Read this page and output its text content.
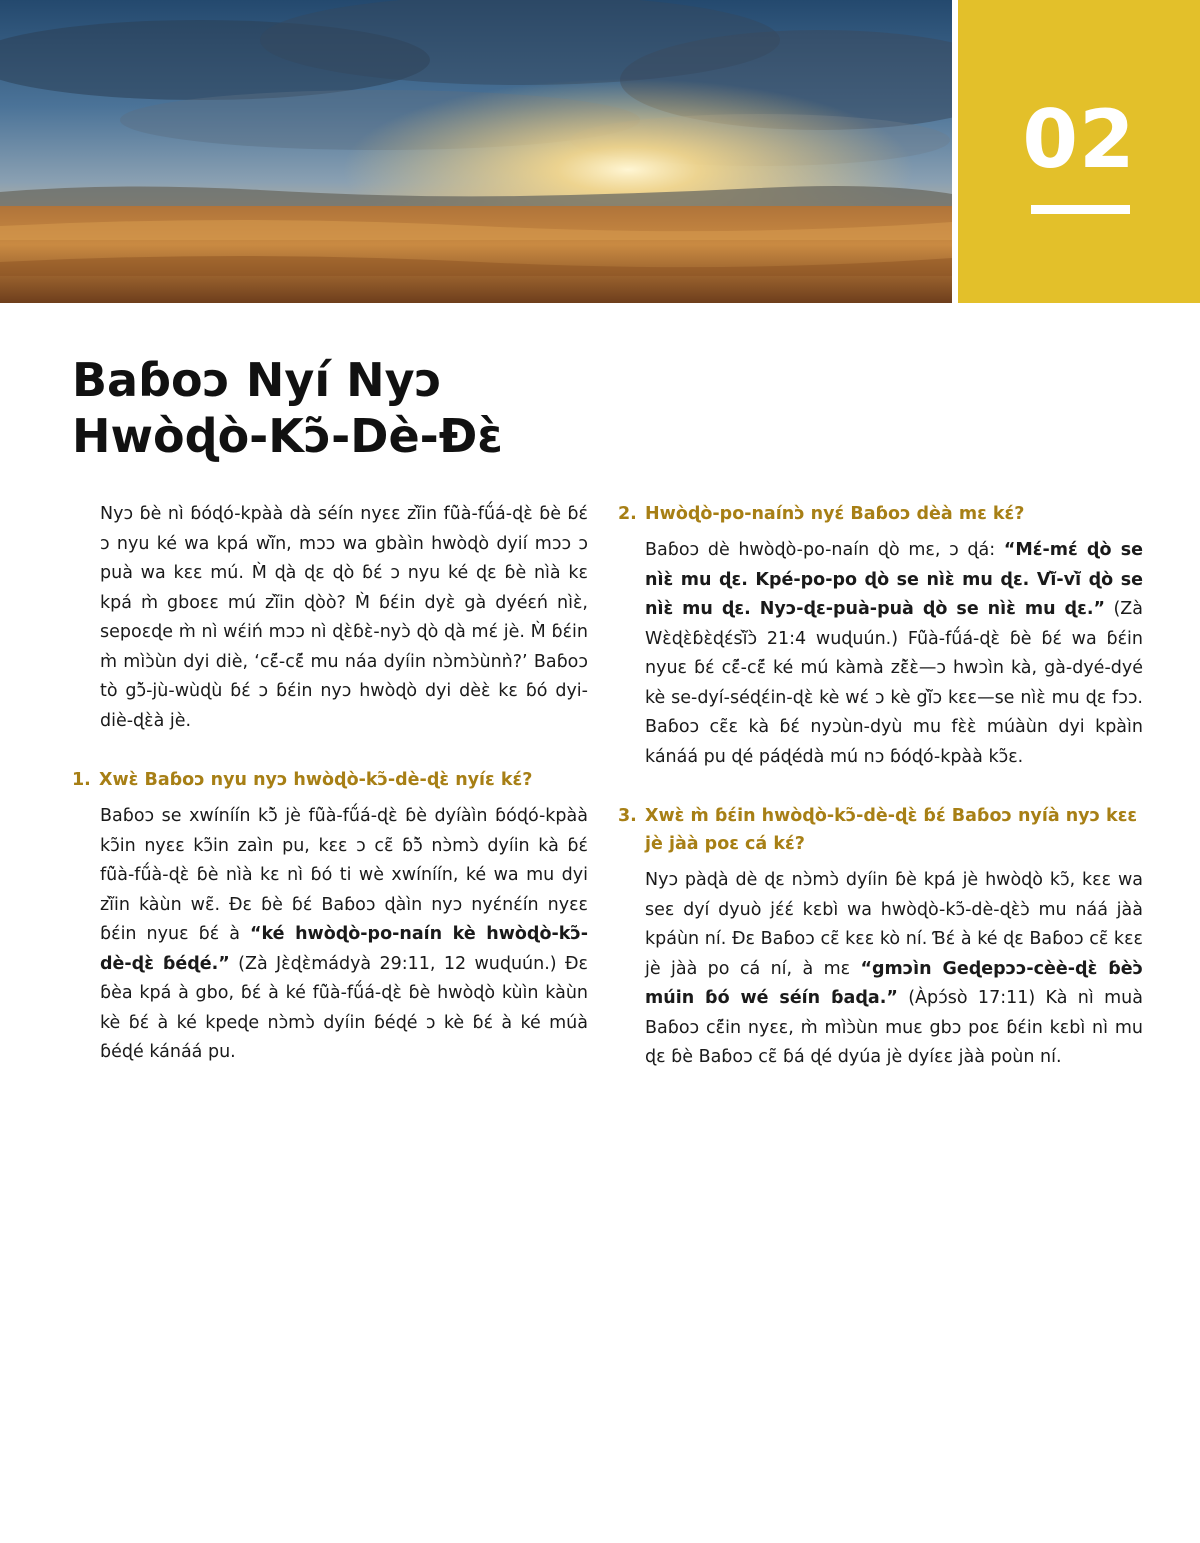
02
Baɓoɔ Nyí Nyɔ
Hwòɖò-Kɔ̃-Dè-Ɖɛ̀

Nyɔ ɓè nì ɓóɖó-kpàà dà séín nyɛɛ zĩ̀in fũ̀à-fṹá-ɖɛ̀ ɓè ɓɛ́ ɔ nyu ké wa kpá wĩ̀n, mɔɔ wa gbàìn hwòɖò dyií mɔɔ ɔ puà wa kɛɛ mú. M̀ ɖà ɖɛ ɖò ɓɛ́ ɔ nyu ké ɖɛ ɓè nìà kɛ kpá m̀ gboɛɛ mú zĩ̀in ɖòò? M̀ ɓɛ́in dyɛ̀ gà dyéɛń nìɛ̀, sepoɛɖe m̀ nì wɛ́iń mɔɔ nì ɖɛ̀ɓɛ̀-nyɔ̀ ɖò ɖà mɛ́ jè. M̀ ɓɛ́in m̀ mìɔ̀ùn dyi diè, ‘cɛ̃́-cɛ̃́ mu náa dyíin nɔ̀mɔ̀ùnǹ?’ Baɓoɔ tò gɔ̃̀-jù-wùɖù ɓɛ́ ɔ ɓɛ́in nyɔ hwòɖò dyi dèɛ̀ kɛ ɓó dyi-diè-ɖɛ̀à jè.

1. Xwɛ̀ Baɓoɔ nyu nyɔ hwòɖò-kɔ̃-dè-ɖɛ̀ nyíɛ kɛ́?

Baɓoɔ se xwíníín kɔ̃̀ jè fũ̀à-fṹá-ɖɛ̀ ɓè dyíàìn ɓóɖó-kpàà kɔ̃in nyɛɛ kɔ̃in zaìn pu, kɛɛ ɔ cɛ̃ ɓɔ̃̀ nɔ̀mɔ̀ dyíin kà ɓɛ́ fũ̀à-fṹà-ɖɛ̀ ɓè nìà kɛ nì ɓó ti wè xwíníín, ké wa mu dyi zĩ̀in kàùn wɛ̃. Ɖɛ ɓè ɓɛ́ Baɓoɔ ɖàìn nyɔ nyɛ́nɛ́ín nyɛɛ ɓɛ́in nyuɛ ɓɛ́ à “ké hwòɖò-po-naín kè hwòɖò-kɔ̃-dè-ɖɛ̀ ɓéɖé.” (Zà Jɛ̀ɖɛ̀mádyà 29:11, 12 wuɖuún.) Ɖɛ ɓèa kpá à gbo, ɓɛ́ à ké fũ̀à-fṹá-ɖɛ̀ ɓè hwòɖò kùìn kàùn kè ɓɛ́ à ké kpeɖe nɔ̀mɔ̀ dyíin ɓéɖé ɔ kè ɓɛ́ à ké múà ɓéɖé kánáá pu.

2. Hwòɖò-po-naínɔ̀ nyɛ́ Baɓoɔ dèà mɛ kɛ́?

Baɓoɔ dè hwòɖò-po-naín ɖò mɛ, ɔ ɖá: “Mɛ́-mɛ́ ɖò se nìɛ̀ mu ɖɛ. Kpé-po-po ɖò se nìɛ̀ mu ɖɛ. Vĩ̀-vĩ̀ ɖò se nìɛ̀ mu ɖɛ. Nyɔ-ɖɛ-puà-puà ɖò se nìɛ̀ mu ɖɛ.” (Zà Wɛ̀ɖɛ̀ɓɛ̀ɖɛ́sĩ̀ɔ̀ 21:4 wuɖuún.) Fũ̀à-fṹá-ɖɛ̀ ɓè ɓɛ́ wa ɓɛ́in nyuɛ ɓɛ́ cɛ̃́-cɛ̃́ ké mú kàmà zɛ̃̀ɛ̀—ɔ hwɔìn kà, gà-dyé-dyé kè se-dyí-séɖɛ́in-ɖɛ̀ kè wɛ́ ɔ kè gĩ̀ɔ kɛɛ—se nìɛ̀ mu ɖɛ fɔɔ. Baɓoɔ cɛ̃ɛ kà ɓɛ́ nyɔùn-dyù mu fɛ̀ɛ̀ múàùn dyi kpàìn kánáá pu ɖé páɖédà mú nɔ ɓóɖó-kpàà kɔ̃ɛ.

3. Xwɛ̀ m̀ ɓɛ́in hwòɖò-kɔ̃-dè-ɖɛ̀ ɓɛ́ Baɓoɔ nyíà nyɔ kɛɛ jè jàà poɛ cá kɛ́?

Nyɔ pàɖà dè ɖɛ nɔ̀mɔ̀ dyíin ɓè kpá jè hwòɖò kɔ̃, kɛɛ wa seɛ dyí dyuò jɛ́ɛ́ kɛbì wa hwòɖò-kɔ̃-dè-ɖɛ̀ɔ̀ mu náá jàà kpáùn ní. Ɖɛ Baɓoɔ cɛ̃ kɛɛ kò ní. Ɓɛ́ à ké ɖɛ Baɓoɔ cɛ̃ kɛɛ jè jàà po cá ní, à mɛ “gmɔìn Geɖepɔɔ-cèè-ɖɛ̀ ɓèɔ̀ múin ɓó wé séín ɓaɖa.” (Àpɔ́sò 17:11) Kà nì muà Baɓoɔ cɛ̃́in nyɛɛ, m̀ mìɔ̀ùn muɛ gbɔ poɛ ɓɛ́in kɛbì nì mu ɖɛ ɓè Baɓoɔ cɛ̃ ɓá ɖé dyúa jè dyíɛɛ jàà poùn ní.
